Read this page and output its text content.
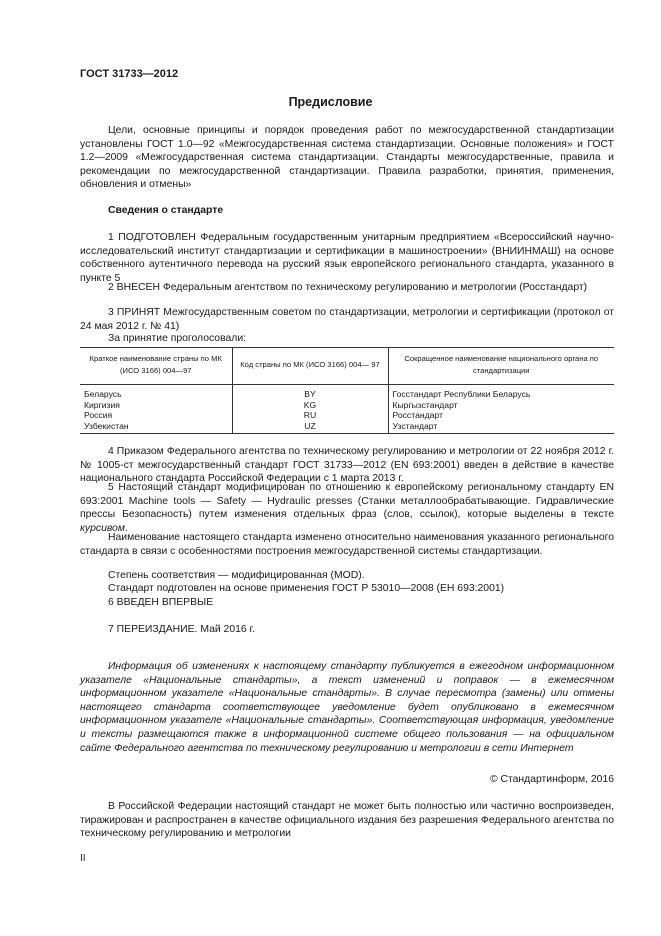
ГОСТ 31733—2012
Предисловие

Цели, основные принципы и порядок проведения работ по межгосударственной стандартизации установлены ГОСТ 1.0—92 «Межгосударственная система стандартизации. Основные положения» и ГОСТ 1.2—2009 «Межгосударственная система стандартизации. Стандарты межгосударственные, правила и рекомендации по межгосударственной стандартизации. Правила разработки, принятия, применения, обновления и отмены»

Сведения о стандарте

1 ПОДГОТОВЛЕН Федеральным государственным унитарным предприятием «Всероссийский научно-исследовательский институт стандартизации и сертификации в машиностроении» (ВНИИНМАШ) на основе собственного аутентичного перевода на русский язык европейского регионального стандарта, указанного в пункте 5

2 ВНЕСЕН Федеральным агентством по техническому регулированию и метрологии (Росстандарт)

3 ПРИНЯТ Межгосударственным советом по стандартизации, метрологии и сертификации (протокол от 24 мая 2012 г. № 41)

За принятие проголосовали:

Краткое наименование страны по МК (ИСО 3166) 004—97	Код страны по МК (ИСО 3166) 004— 97	Сокращенное наименование национального органа по стандартизации
Беларусь	BY	Госстандарт Республики Беларусь
Киргизия	KG	Кыргызстандарт
Россия	RU	Росстандарт
Узбекистан	UZ	Узстандарт

4 Приказом Федерального агентства по техническому регулированию и метрологии от 22 ноября 2012 г. № 1005-ст межгосударственный стандарт ГОСТ 31733—2012 (EN 693:2001) введен в действие в качестве национального стандарта Российской Федерации с 1 марта 2013 г.

5 Настоящий стандарт модифицирован по отношению к европейскому региональному стандарту EN 693:2001 Machine tools — Safety — Hydraulic presses (Станки металлообрабатывающие. Гидравлические прессы Безопасность) путем изменения отдельных фраз (слов, ссылок), которые выделены в тексте курсивом.

Наименование настоящего стандарта изменено относительно наименования указанного регионального стандарта в связи с особенностями построения межгосударственной системы стандартизации.

Степень соответствия — модифицированная (MOD).

Стандарт подготовлен на основе применения ГОСТ Р 53010—2008 (ЕН 693:2001)

6 ВВЕДЕН ВПЕРВЫЕ

7 ПЕРЕИЗДАНИЕ. Май 2016 г.

Информация об изменениях к настоящему стандарту публикуется в ежегодном информационном указателе «Национальные стандарты», а текст изменений и поправок — в ежемесячном информационном указателе «Национальные стандарты». В случае пересмотра (замены) или отмены настоящего стандарта соответствующее уведомление будет опубликовано в ежемесячном информационном указателе «Национальные стандарты». Соответствующая информация, уведомление и тексты размещаются также в информационной системе общего пользования — на официальном сайте Федерального агентства по техническому регулированию и метрологии в сети Интернет

© Стандартинформ, 2016

В Российской Федерации настоящий стандарт не может быть полностью или частично воспроизведен, тиражирован и распространен в качестве официального издания без разрешения Федерального агентства по техническому регулированию и метрологии

II
